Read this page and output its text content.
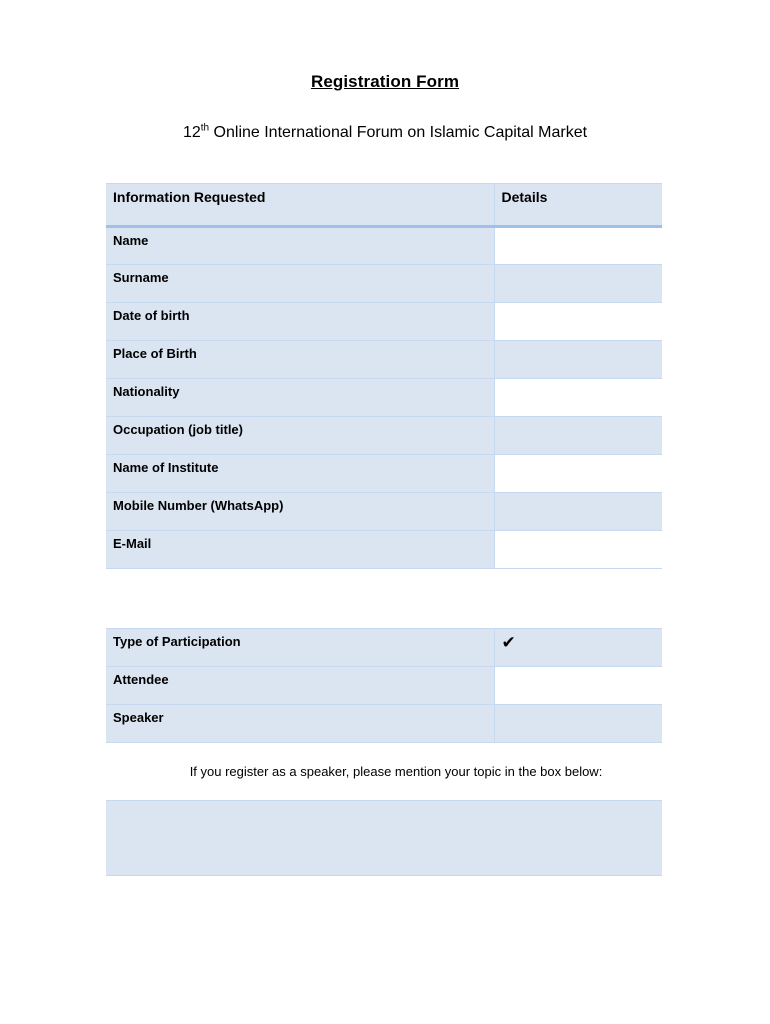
Registration Form
12th Online International Forum on Islamic Capital Market
Information Requested	Details
Name	
Surname	
Date of birth	
Place of Birth	
Nationality	
Occupation (job title)	
Name of Institute	
Mobile Number (WhatsApp)	
E-Mail	
Type of Participation	✔
Attendee	
Speaker	
If you register as a speaker, please mention your topic in the box below:
